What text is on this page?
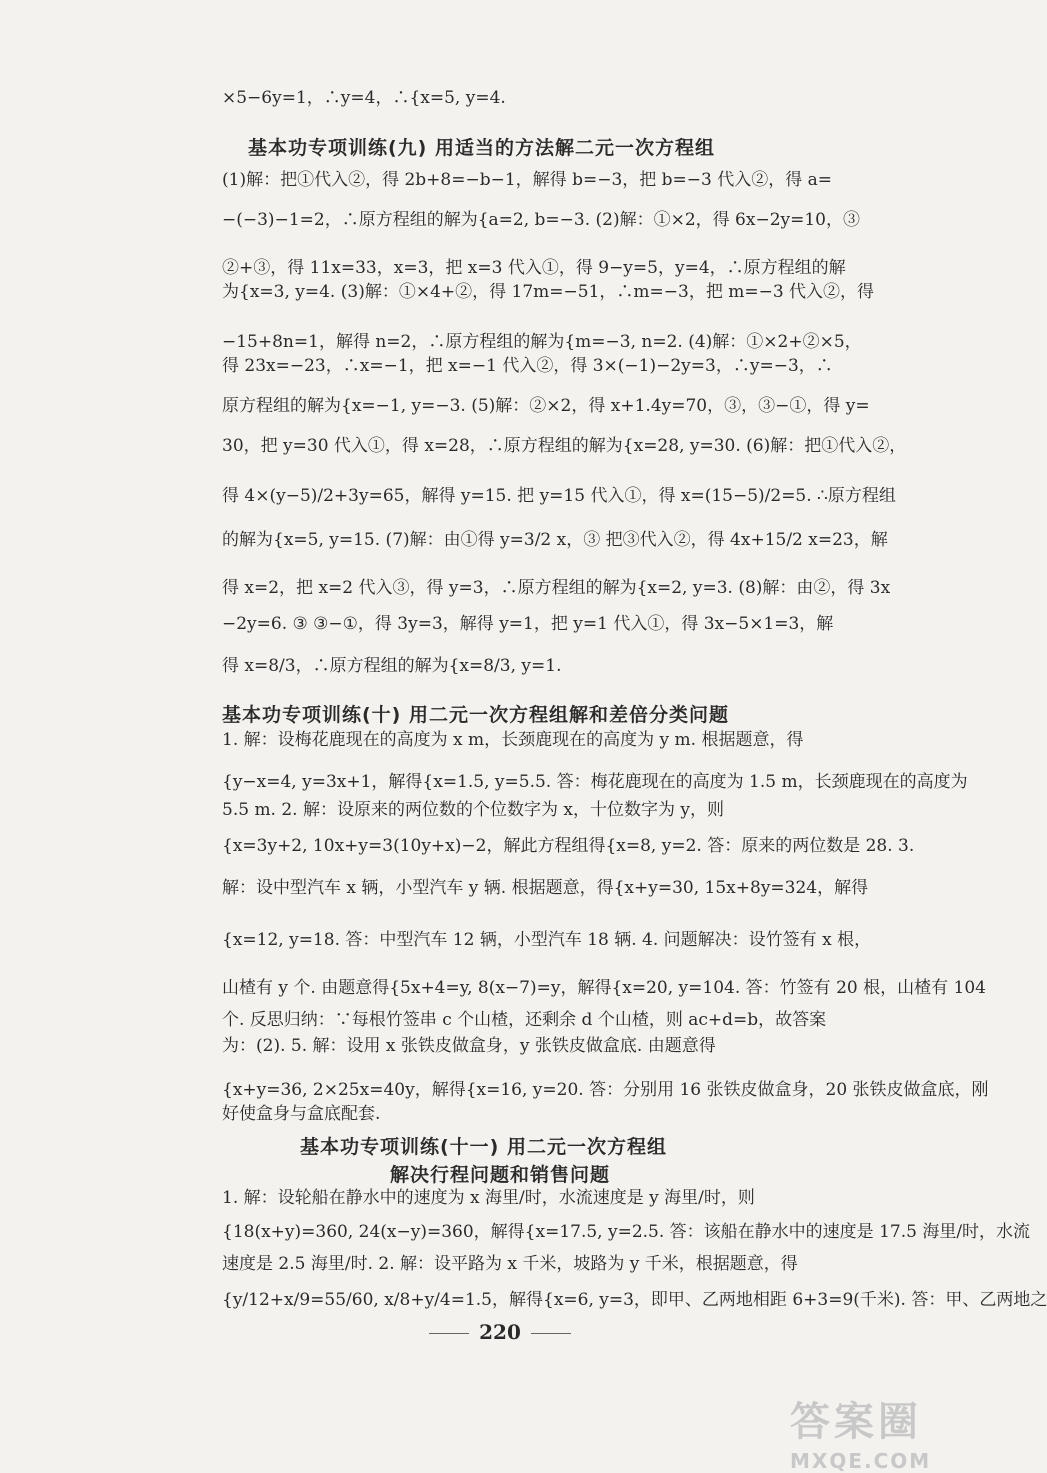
×5−6y=1，∴y=4，∴{x=5, y=4.
基本功专项训练(九) 用适当的方法解二元一次方程组
(1)解：把①代入②，得 2b+8=−b−1，解得 b=−3，把 b=−3 代入②，得 a=
−(−3)−1=2，∴原方程组的解为{a=2, b=−3. (2)解：①×2，得 6x−2y=10，③
②+③，得 11x=33，x=3，把 x=3 代入①，得 9−y=5，y=4，∴原方程组的解
为{x=3, y=4. (3)解：①×4+②，得 17m=−51，∴m=−3，把 m=−3 代入②，得
−15+8n=1，解得 n=2，∴原方程组的解为{m=−3, n=2. (4)解：①×2+②×5，
得 23x=−23，∴x=−1，把 x=−1 代入②，得 3×(−1)−2y=3，∴y=−3，∴
原方程组的解为{x=−1, y=−3. (5)解：②×2，得 x+1.4y=70，③，③−①，得 y=
30，把 y=30 代入①，得 x=28，∴原方程组的解为{x=28, y=30. (6)解：把①代入②，
得 4×(y−5)/2+3y=65，解得 y=15. 把 y=15 代入①，得 x=(15−5)/2=5. ∴原方程组
的解为{x=5, y=15. (7)解：由①得 y=3/2 x，③ 把③代入②，得 4x+15/2 x=23，解
得 x=2，把 x=2 代入③，得 y=3，∴原方程组的解为{x=2, y=3. (8)解：由②，得 3x
−2y=6. ③ ③−①，得 3y=3，解得 y=1，把 y=1 代入①，得 3x−5×1=3，解
得 x=8/3，∴原方程组的解为{x=8/3, y=1.
基本功专项训练(十) 用二元一次方程组解和差倍分类问题
1. 解：设梅花鹿现在的高度为 x m，长颈鹿现在的高度为 y m. 根据题意，得
{y−x=4, y=3x+1，解得{x=1.5, y=5.5. 答：梅花鹿现在的高度为 1.5 m，长颈鹿现在的高度为
5.5 m. 2. 解：设原来的两位数的个位数字为 x，十位数字为 y，则
{x=3y+2, 10x+y=3(10y+x)−2，解此方程组得{x=8, y=2. 答：原来的两位数是 28. 3.
解：设中型汽车 x 辆，小型汽车 y 辆. 根据题意，得{x+y=30, 15x+8y=324，解得
{x=12, y=18. 答：中型汽车 12 辆，小型汽车 18 辆. 4. 问题解决：设竹签有 x 根，
山楂有 y 个. 由题意得{5x+4=y, 8(x−7)=y，解得{x=20, y=104. 答：竹签有 20 根，山楂有 104
个. 反思归纳：∵每根竹签串 c 个山楂，还剩余 d 个山楂，则 ac+d=b，故答案
为：(2). 5. 解：设用 x 张铁皮做盒身，y 张铁皮做盒底. 由题意得
{x+y=36, 2×25x=40y，解得{x=16, y=20. 答：分别用 16 张铁皮做盒身，20 张铁皮做盒底，刚
好使盒身与盒底配套.
基本功专项训练(十一) 用二元一次方程组
解决行程问题和销售问题
1. 解：设轮船在静水中的速度为 x 海里/时，水流速度是 y 海里/时，则
{18(x+y)=360, 24(x−y)=360，解得{x=17.5, y=2.5. 答：该船在静水中的速度是 17.5 海里/时，水流
速度是 2.5 海里/时. 2. 解：设平路为 x 千米，坡路为 y 千米，根据题意，得
{y/12+x/9=55/60, x/8+y/4=1.5，解得{x=6, y=3，即甲、乙两地相距 6+3=9(千米). 答：甲、乙两地之
220
答案圈
MXQE.COM
